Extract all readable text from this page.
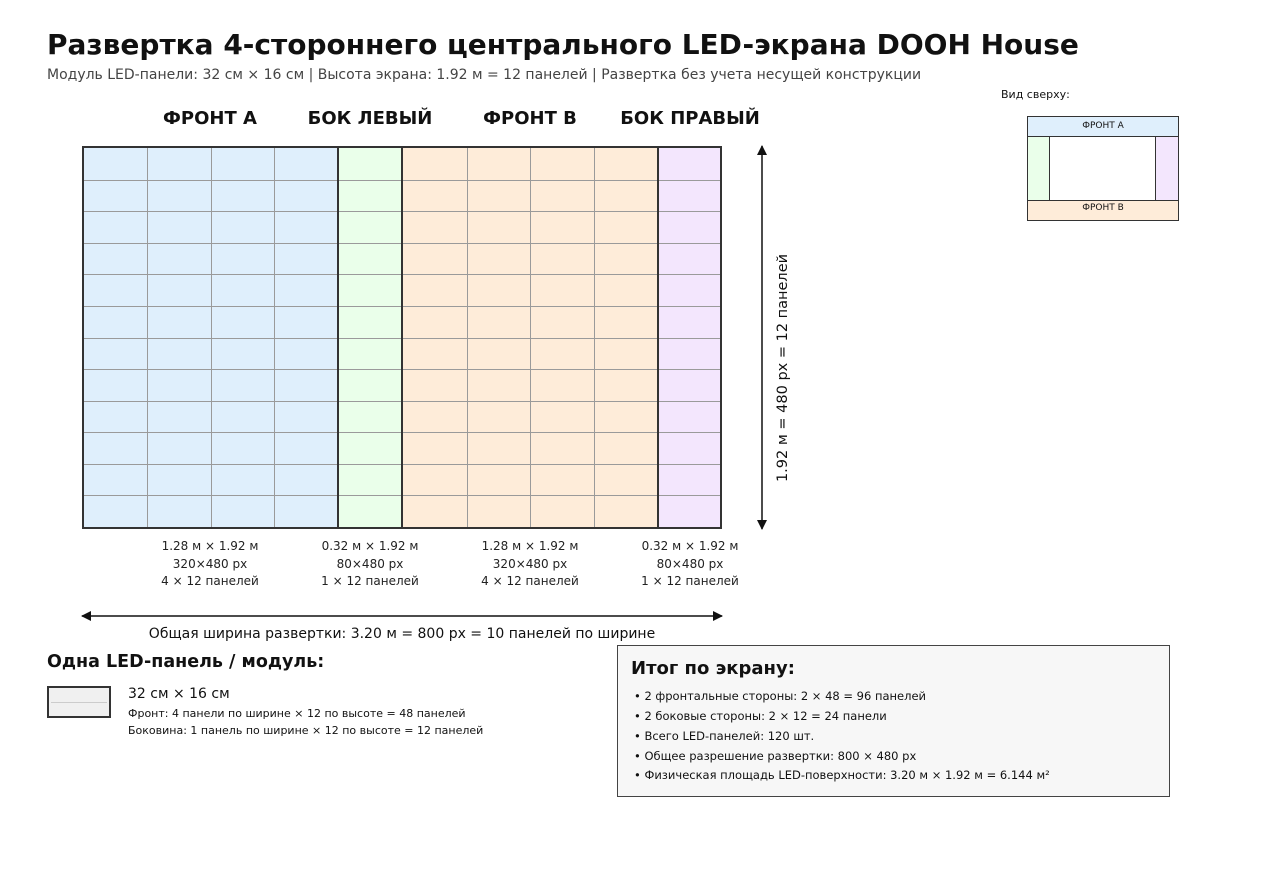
Развертка 4-стороннего центрального LED-экрана DOOH House
Модуль LED-панели: 32 см × 16 см | Высота экрана: 1.92 м = 12 панелей | Развертка без учета несущей конструкции
ФРОНТ A	БОК ЛЕВЫЙ	ФРОНТ B	БОК ПРАВЫЙ
1.28 м × 1.92 м
320×480 px
4 × 12 панелей
0.32 м × 1.92 м
80×480 px
1 × 12 панелей
1.28 м × 1.92 м
320×480 px
4 × 12 панелей
0.32 м × 1.92 м
80×480 px
1 × 12 панелей
1.92 м = 480 px = 12 панелей
Общая ширина развертки: 3.20 м = 800 px = 10 панелей по ширине
Вид сверху:
ФРОНТ A
ФРОНТ B
Одна LED-панель / модуль:
32 см × 16 см
Фронт: 4 панели по ширине × 12 по высоте = 48 панелей
Боковина: 1 панель по ширине × 12 по высоте = 12 панелей
Итог по экрану:
• 2 фронтальные стороны: 2 × 48 = 96 панелей
• 2 боковые стороны: 2 × 12 = 24 панели
• Всего LED-панелей: 120 шт.
• Общее разрешение развертки: 800 × 480 px
• Физическая площадь LED-поверхности: 3.20 м × 1.92 м = 6.144 м²
